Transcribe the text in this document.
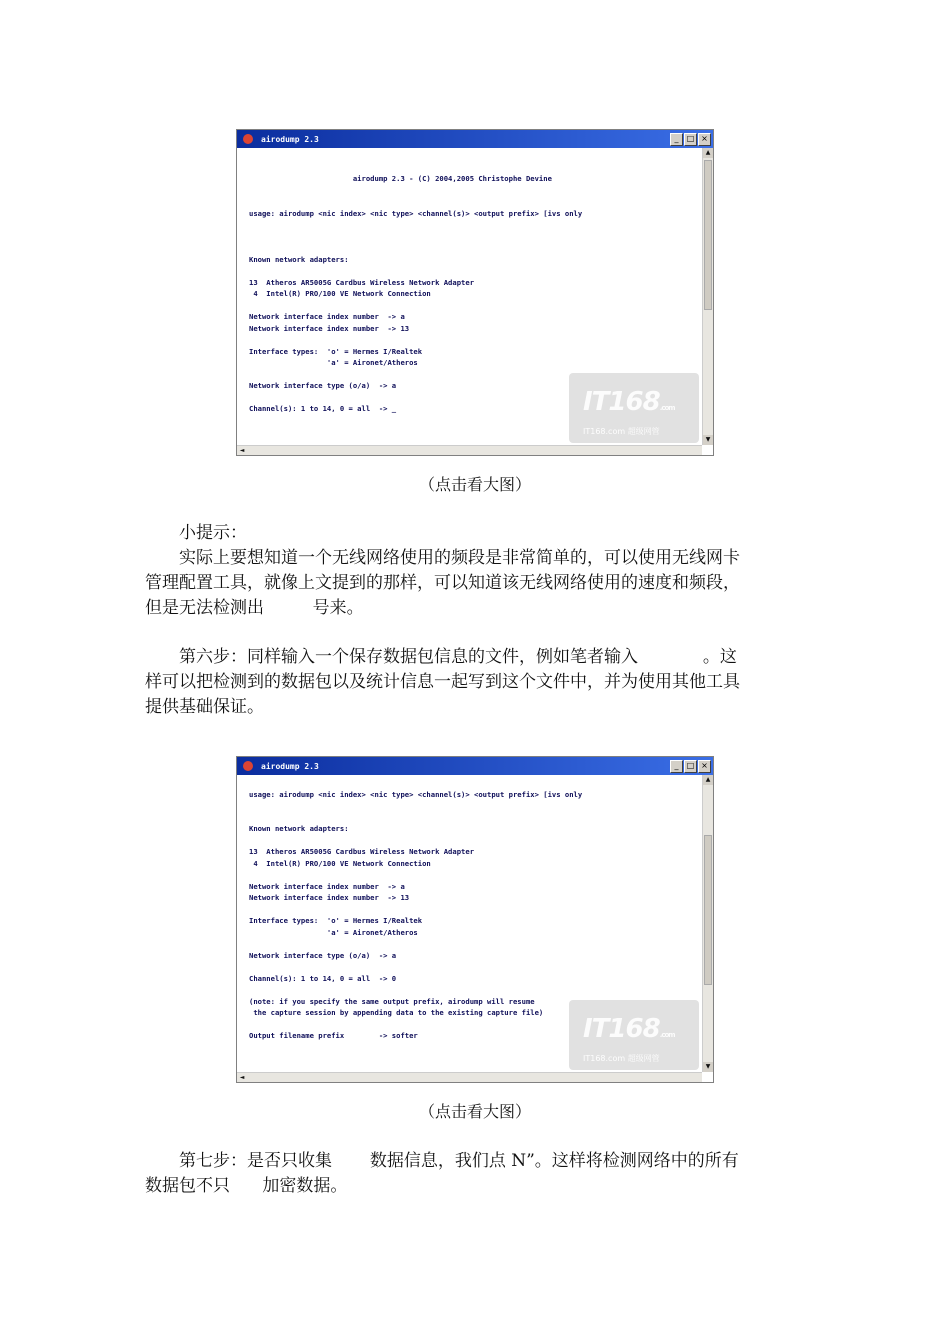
airodump 2.3	_	□ ×

airodump 2.3 - (C) 2004,2005 Christophe Devine

usage: airodump <nic index> <nic type> <channel(s)> <output prefix> [ivs only

Known network adapters:

13  Atheros AR5005G Cardbus Wireless Network Adapter
4  Intel(R) PRO/100 VE Network Connection

Network interface index number  -> a
Network interface index number  -> 13

Interface types:  'o' = Hermes I/Realtek
'a' = Aironet/Atheros

Network interface type (o/a)  -> a

Channel(s): 1 to 14, 0 = all  -> _
▲
▼
◄
IT168.com
IT168.com 超级网管
（点击看大图）
小提示：
实际上要想知道一个无线网络使用的频段是非常简单的，可以使用无线网卡
管理配置工具，就像上文提到的那样，可以知道该无线网络使用的速度和频段，
但是无法检测出         号来。
第六步：同样输入一个保存数据包信息的文件，例如笔者输入            。这
样可以把检测到的数据包以及统计信息一起写到这个文件中，并为使用其他工具
提供基础保证。
airodump 2.3	_	□ ×

usage: airodump <nic index> <nic type> <channel(s)> <output prefix> [ivs only

Known network adapters:

13  Atheros AR5005G Cardbus Wireless Network Adapter
4  Intel(R) PRO/100 VE Network Connection

Network interface index number  -> a
Network interface index number  -> 13

Interface types:  'o' = Hermes I/Realtek
'a' = Aironet/Atheros

Network interface type (o/a)  -> a

Channel(s): 1 to 14, 0 = all  -> 0

(note: if you specify the same output prefix, airodump will resume
the capture session by appending data to the existing capture file)

Output filename prefix        -> softer
▲
▼
◄
IT168.com
IT168.com 超级网管
（点击看大图）
第七步：是否只收集       数据信息，我们点 N”。这样将检测网络中的所有
数据包不只      加密数据。
